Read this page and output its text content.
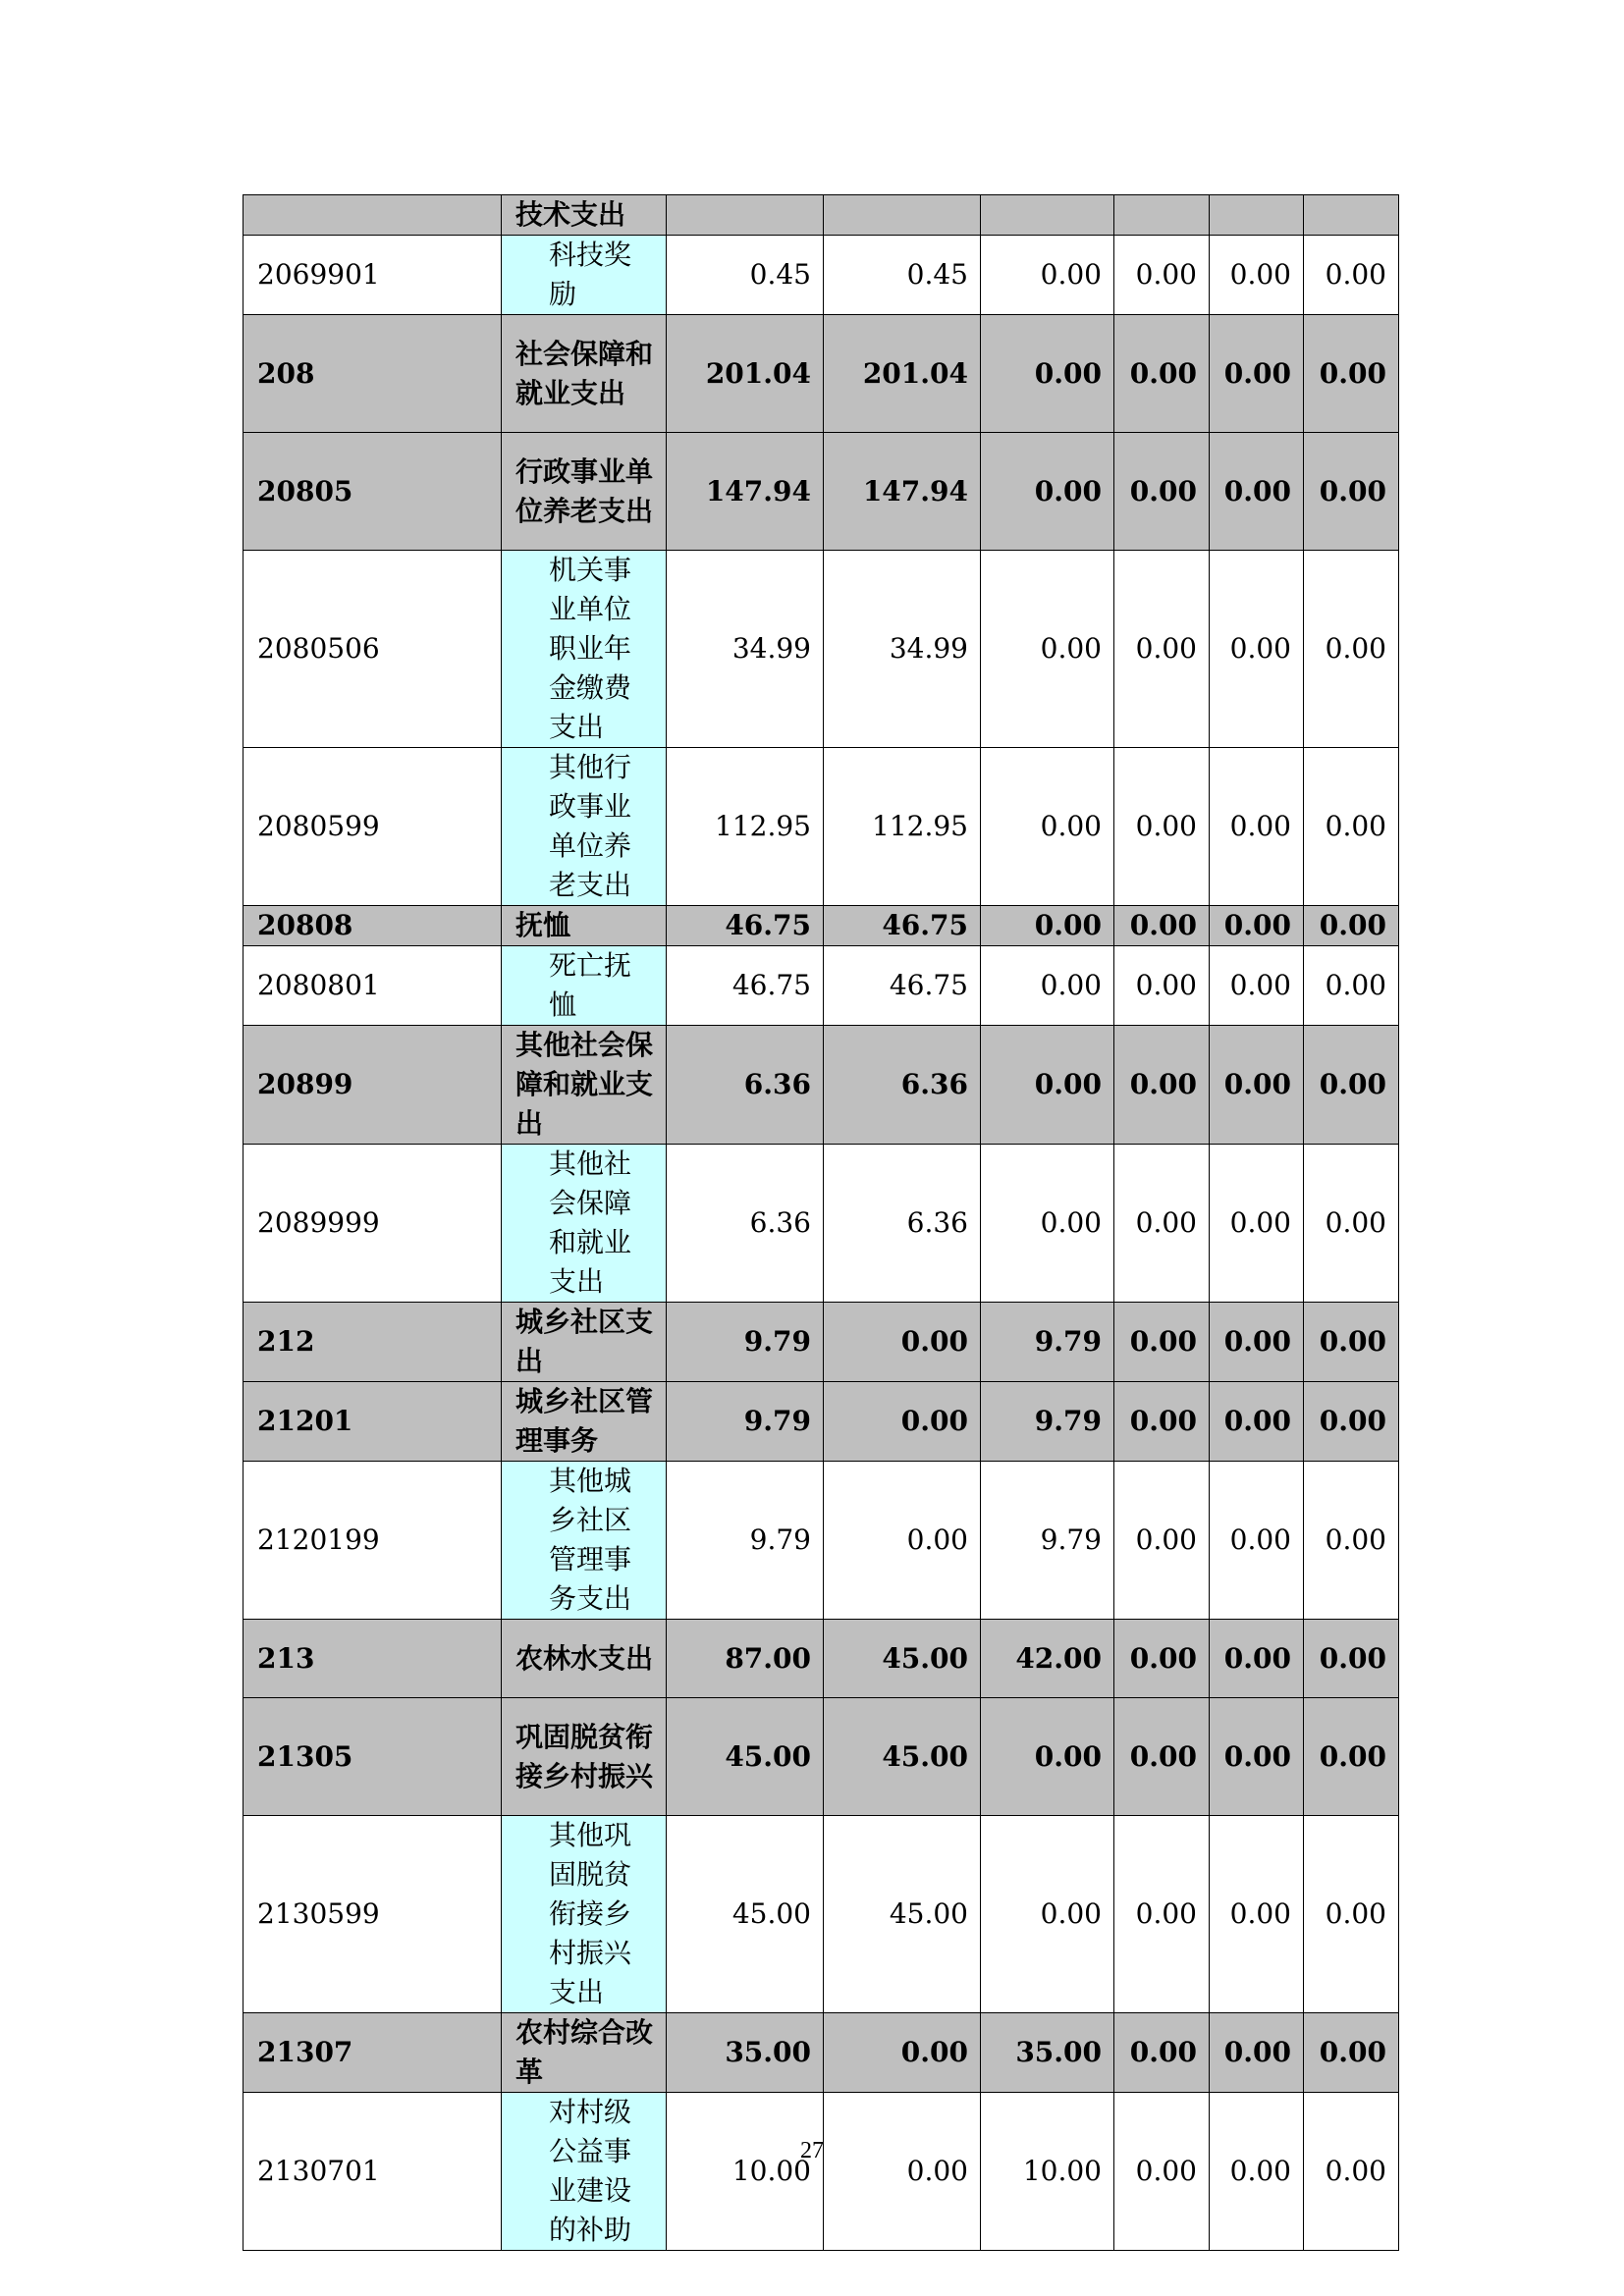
	技术支出						
2069901	科技奖励	0.45	0.45	0.00	0.00	0.00	0.00
208	社会保障和就业支出	201.04	201.04	0.00	0.00	0.00	0.00
20805	行政事业单位养老支出	147.94	147.94	0.00	0.00	0.00	0.00
2080506	机关事业单位职业年金缴费支出	34.99	34.99	0.00	0.00	0.00	0.00
2080599	其他行政事业单位养老支出	112.95	112.95	0.00	0.00	0.00	0.00
20808	抚恤	46.75	46.75	0.00	0.00	0.00	0.00
2080801	死亡抚恤	46.75	46.75	0.00	0.00	0.00	0.00
20899	其他社会保障和就业支出	6.36	6.36	0.00	0.00	0.00	0.00
2089999	其他社会保障和就业支出	6.36	6.36	0.00	0.00	0.00	0.00
212	城乡社区支出	9.79	0.00	9.79	0.00	0.00	0.00
21201	城乡社区管理事务	9.79	0.00	9.79	0.00	0.00	0.00
2120199	其他城乡社区管理事务支出	9.79	0.00	9.79	0.00	0.00	0.00
213	农林水支出	87.00	45.00	42.00	0.00	0.00	0.00
21305	巩固脱贫衔接乡村振兴	45.00	45.00	0.00	0.00	0.00	0.00
2130599	其他巩固脱贫衔接乡村振兴支出	45.00	45.00	0.00	0.00	0.00	0.00
21307	农村综合改革	35.00	0.00	35.00	0.00	0.00	0.00
2130701	对村级公益事业建设的补助	10.00	0.00	10.00	0.00	0.00	0.00
27
